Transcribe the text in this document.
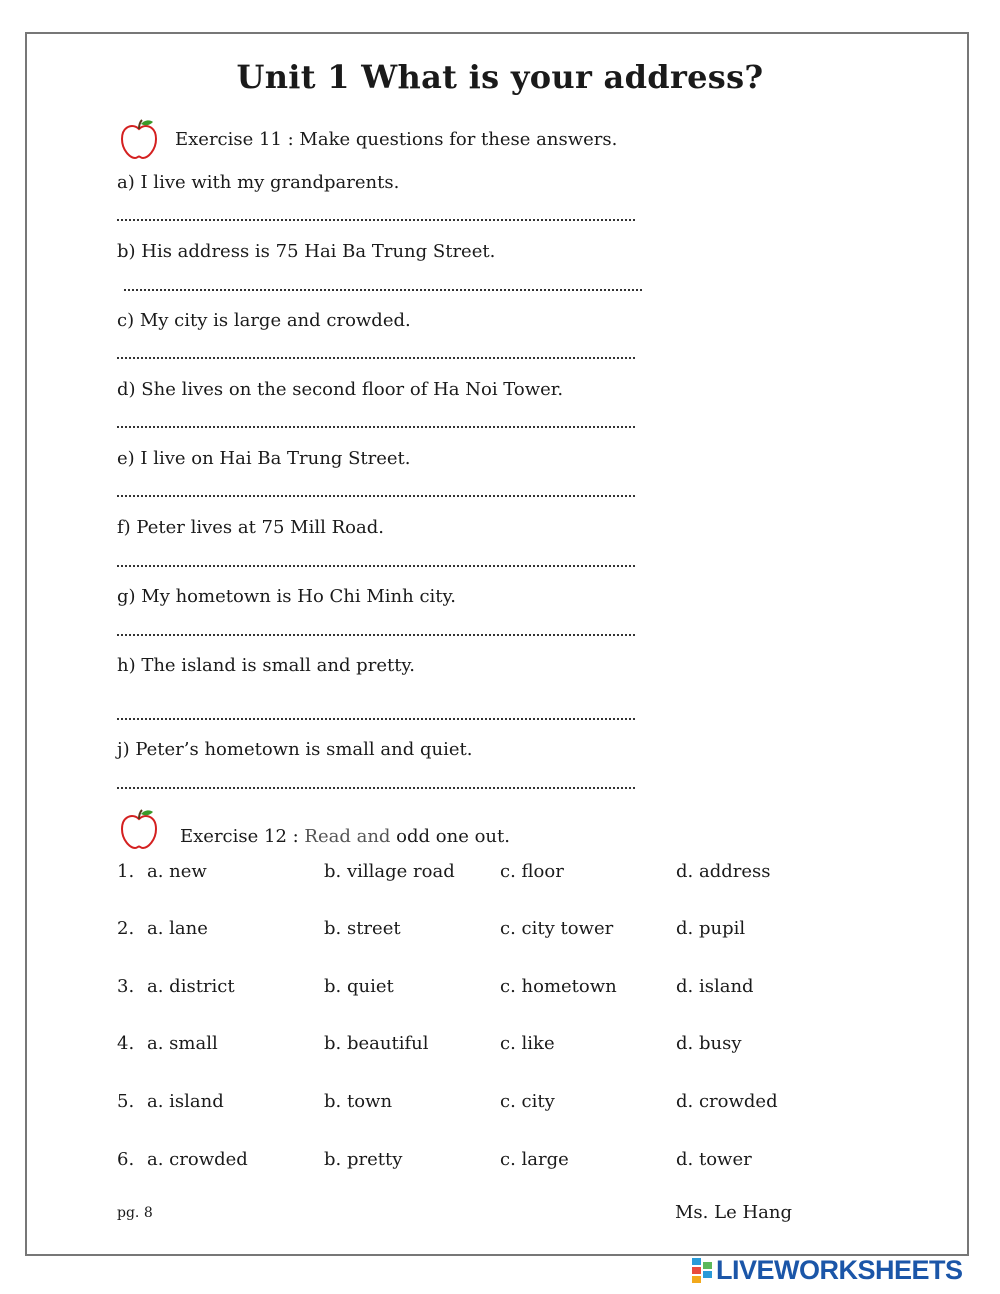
Unit 1 What is your address?
Exercise 11 : Make questions for these answers.
a) I live with my grandparents.
b) His address is 75 Hai Ba Trung Street.
c) My city is large and crowded.
d) She lives on the second floor of Ha Noi Tower.
e) I live on Hai Ba Trung Street.
f) Peter lives at 75 Mill Road.
g) My hometown is Ho Chi Minh city.
h) The island is small and pretty.
j) Peter’s hometown is small and quiet.
Exercise 12 : Read and odd one out.
1. a. new	b. village road	c. floor	d. address
2. a. lane	b. street	c. city tower	d. pupil
3. a. district	b. quiet	c. hometown	d. island
4. a. small	b. beautiful	c. like	d. busy
5. a. island	b. town	c. city	d. crowded
6. a. crowded	b. pretty	c. large	d. tower
pg. 8	Ms. Le Hang
LIVEWORKSHEETS
